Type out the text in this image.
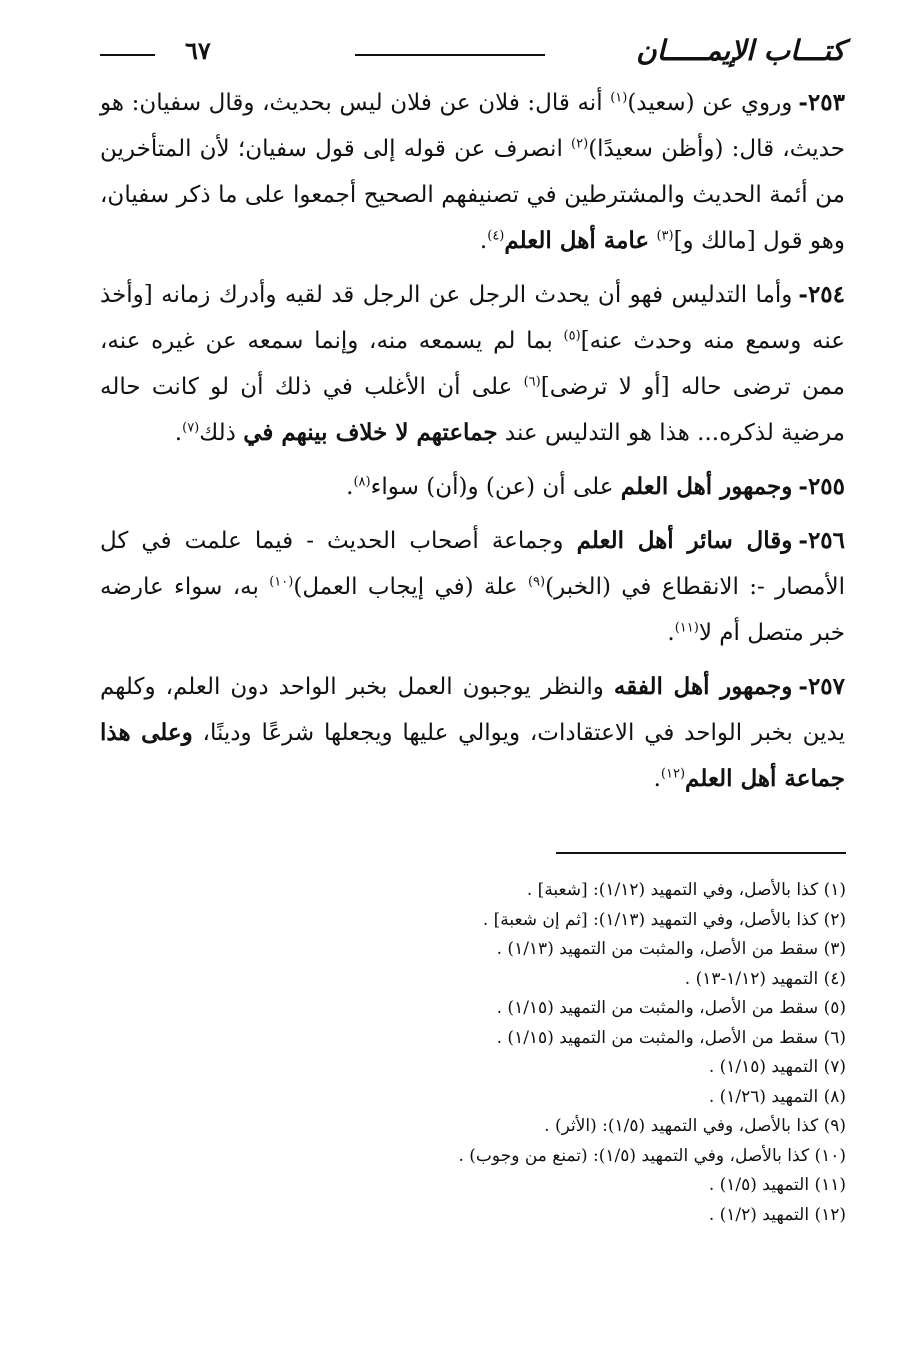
كتـــاب الإيمـــــان
٦٧

٢٥٣-وروي عن (سعيد)$^{(١)}$ أنه قال: فلان عن فلان ليس بحديث، وقال سفيان: هو حديث، قال: (وأظن سعيدًا)$^{(٢)}$ انصرف عن قوله إلى قول سفيان؛ لأن المتأخرين من أئمة الحديث والمشترطين في تصنيفهم الصحيح أجمعوا على ما ذكر سفيان، وهو قول [مالك و]$^{(٣)}$ عامة أهل العلم$^{(٤)}$.

٢٥٤-وأما التدليس فهو أن يحدث الرجل عن الرجل قد لقيه وأدرك زمانه [وأخذ عنه وسمع منه وحدث عنه]$^{(٥)}$ بما لم يسمعه منه، وإنما سمعه عن غيره عنه، ممن ترضى حاله [أو لا ترضى]$^{(٦)}$ على أن الأغلب في ذلك أن لو كانت حاله مرضية لذكره... هذا هو التدليس عند جماعتهم لا خلاف بينهم في ذلك$^{(٧)}$.

٢٥٥-وجمهور أهل العلم على أن (عن) و(أن) سواء$^{(٨)}$.

٢٥٦-وقال سائر أهل العلم وجماعة أصحاب الحديث - فيما علمت في كل الأمصار -: الانقطاع في (الخبر)$^{(٩)}$ علة (في إيجاب العمل)$^{(١٠)}$ به، سواء عارضه خبر متصل أم لا$^{(١١)}$.

٢٥٧-وجمهور أهل الفقه والنظر يوجبون العمل بخبر الواحد دون العلم، وكلهم يدين بخبر الواحد في الاعتقادات، ويوالي عليها ويجعلها شرعًا ودينًا، وعلى هذا جماعة أهل العلم$^{(١٢)}$.

(١) كذا بالأصل، وفي التمهيد (١/١٢): [شعبة] .
(٢) كذا بالأصل، وفي التمهيد (١/١٣): [ثم إن شعبة] .
(٣) سقط من الأصل، والمثبت من التمهيد (١/١٣) .
(٤) التمهيد (١/١٢-١٣) .
(٥) سقط من الأصل، والمثبت من التمهيد (١/١٥) .
(٦) سقط من الأصل، والمثبت من التمهيد (١/١٥) .
(٧) التمهيد (١/١٥) .
(٨) التمهيد (١/٢٦) .
(٩) كذا بالأصل، وفي التمهيد (١/٥): (الأثر) .
(١٠) كذا بالأصل، وفي التمهيد (١/٥): (تمنع من وجوب) .
(١١) التمهيد (١/٥) .
(١٢) التمهيد (١/٢) .
